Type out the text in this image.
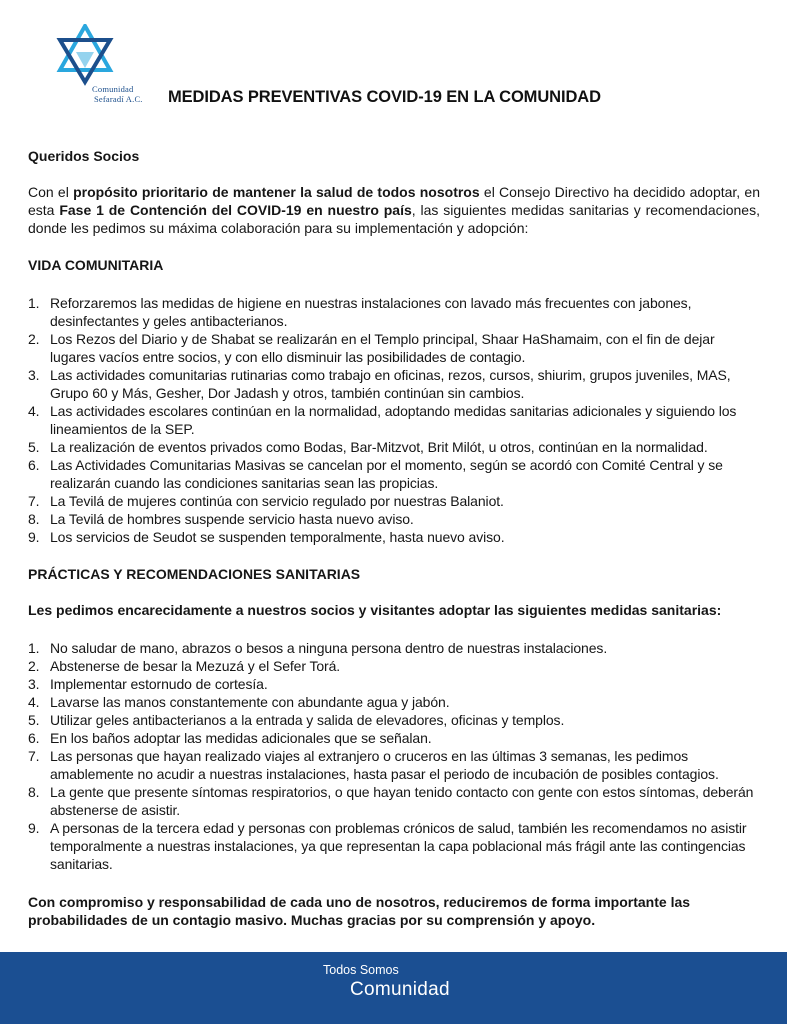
Comunidad
Sefaradí A.C. MEDIDAS PREVENTIVAS COVID-19 EN LA COMUNIDAD

Queridos Socios

Con el propósito prioritario de mantener la salud de todos nosotros el Consejo Directivo ha decidido adoptar, en esta Fase 1 de Contención del COVID-19 en nuestro país, las siguientes medidas sanitarias y recomendaciones, donde les pedimos su máxima colaboración para su implementación y adopción:

VIDA COMUNITARIA

1. Reforzaremos las medidas de higiene en nuestras instalaciones con lavado más frecuentes con jabones, desinfectantes y geles antibacterianos.
2. Los Rezos del Diario y de Shabat se realizarán en el Templo principal, Shaar HaShamaim, con el fin de dejar lugares vacíos entre socios, y con ello disminuir las posibilidades de contagio.
3. Las actividades comunitarias rutinarias como trabajo en oficinas, rezos, cursos, shiurim, grupos juveniles, MAS, Grupo 60 y Más, Gesher, Dor Jadash y otros, también continúan sin cambios.
4. Las actividades escolares continúan en la normalidad, adoptando medidas sanitarias adicionales y siguiendo los lineamientos de la SEP.
5. La realización de eventos privados como Bodas, Bar-Mitzvot, Brit Milót, u otros, continúan en la normalidad.
6. Las Actividades Comunitarias Masivas se cancelan por el momento, según se acordó con Comité Central y se realizarán cuando las condiciones sanitarias sean las propicias.
7. La Tevilá de mujeres continúa con servicio regulado por nuestras Balaniot.
8. La Tevilá de hombres suspende servicio hasta nuevo aviso.
9. Los servicios de Seudot se suspenden temporalmente, hasta nuevo aviso.

PRÁCTICAS Y RECOMENDACIONES SANITARIAS

Les pedimos encarecidamente a nuestros socios y visitantes adoptar las siguientes medidas sanitarias:

1. No saludar de mano, abrazos o besos a ninguna persona dentro de nuestras instalaciones.
2. Abstenerse de besar la Mezuzá y el Sefer Torá.
3. Implementar estornudo de cortesía.
4. Lavarse las manos constantemente con abundante agua y jabón.
5. Utilizar geles antibacterianos a la entrada y salida de elevadores, oficinas y templos.
6. En los baños adoptar las medidas adicionales que se señalan.
7. Las personas que hayan realizado viajes al extranjero o cruceros en las últimas 3 semanas, les pedimos amablemente no acudir a nuestras instalaciones, hasta pasar el periodo de incubación de posibles contagios.
8. La gente que presente síntomas respiratorios, o que hayan tenido contacto con gente con estos síntomas, deberán abstenerse de asistir.
9. A personas de la tercera edad y personas con problemas crónicos de salud, también les recomendamos no asistir temporalmente a nuestras instalaciones, ya que representan la capa poblacional más frágil ante las contingencias sanitarias.

Con compromiso y responsabilidad de cada uno de nosotros, reduciremos de forma importante las probabilidades de un contagio masivo. Muchas gracias por su comprensión y apoyo.

Todos Somos
Comunidad
